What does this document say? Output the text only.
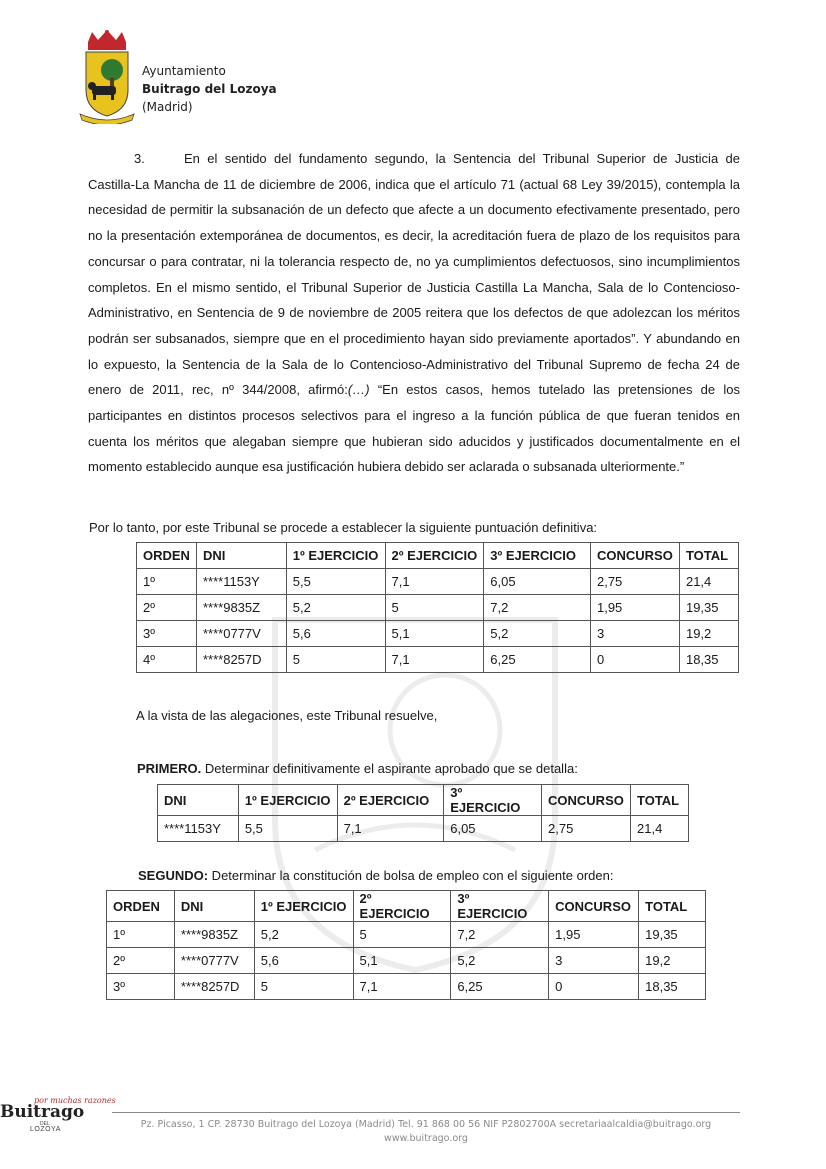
Ayuntamiento
Buitrago del Lozoya
(Madrid)
3.	En el sentido del fundamento segundo, la Sentencia del Tribunal Superior de Justicia de Castilla-La Mancha de 11 de diciembre de 2006, indica que el artículo 71 (actual 68 Ley 39/2015), contempla la necesidad de permitir la subsanación de un defecto que afecte a un documento efectivamente presentado, pero no la presentación extemporánea de documentos, es decir, la acreditación fuera de plazo de los requisitos para concursar o para contratar, ni la tolerancia respecto de, no ya cumplimientos defectuosos, sino incumplimientos completos. En el mismo sentido, el Tribunal Superior de Justicia Castilla La Mancha, Sala de lo Contencioso-Administrativo, en Sentencia de 9 de noviembre de 2005 reitera que los defectos de que adolezcan los méritos podrán ser subsanados, siempre que en el procedimiento hayan sido previamente aportados”. Y abundando en lo expuesto, la Sentencia de la Sala de lo Contencioso-Administrativo del Tribunal Supremo de fecha 24 de enero de 2011, rec, nº 344/2008, afirmó:(…) “En estos casos, hemos tutelado las pretensiones de los participantes en distintos procesos selectivos para el ingreso a la función pública de que fueran tenidos en cuenta los méritos que alegaban siempre que hubieran sido aducidos y justificados documentalmente en el momento establecido aunque esa justificación hubiera debido ser aclarada o subsanada ulteriormente.”
Por lo tanto, por este Tribunal se procede a establecer la siguiente puntuación definitiva:
ORDEN	DNI	1º EJERCICIO	2º EJERCICIO	3º EJERCICIO	CONCURSO	TOTAL
1º	****1153Y	5,5	7,1	6,05	2,75	21,4
2º	****9835Z	5,2	5	7,2	1,95	19,35
3º	****0777V	5,6	5,1	5,2	3	19,2
4º	****8257D	5	7,1	6,25	0	18,35
A la vista de las alegaciones, este Tribunal resuelve,
PRIMERO. Determinar definitivamente el aspirante aprobado que se detalla:
DNI	1º EJERCICIO	2º EJERCICIO	3º EJERCICIO	CONCURSO	TOTAL
****1153Y	5,5	7,1	6,05	2,75	21,4
SEGUNDO: Determinar la constitución de bolsa de empleo con el siguiente orden:
ORDEN	DNI	1º EJERCICIO	2º EJERCICIO	3º EJERCICIO	CONCURSO	TOTAL
1º	****9835Z	5,2	5	7,2	1,95	19,35
2º	****0777V	5,6	5,1	5,2	3	19,2
3º	****8257D	5	7,1	6,25	0	18,35
por muchas razones
Buitrago
DEL
LOZOYA	Pz. Picasso, 1 CP. 28730 Buitrago del Lozoya (Madrid) Tel. 91 868 00 56 NIF P2802700A secretariaalcaldia@buitrago.org
www.buitrago.org
